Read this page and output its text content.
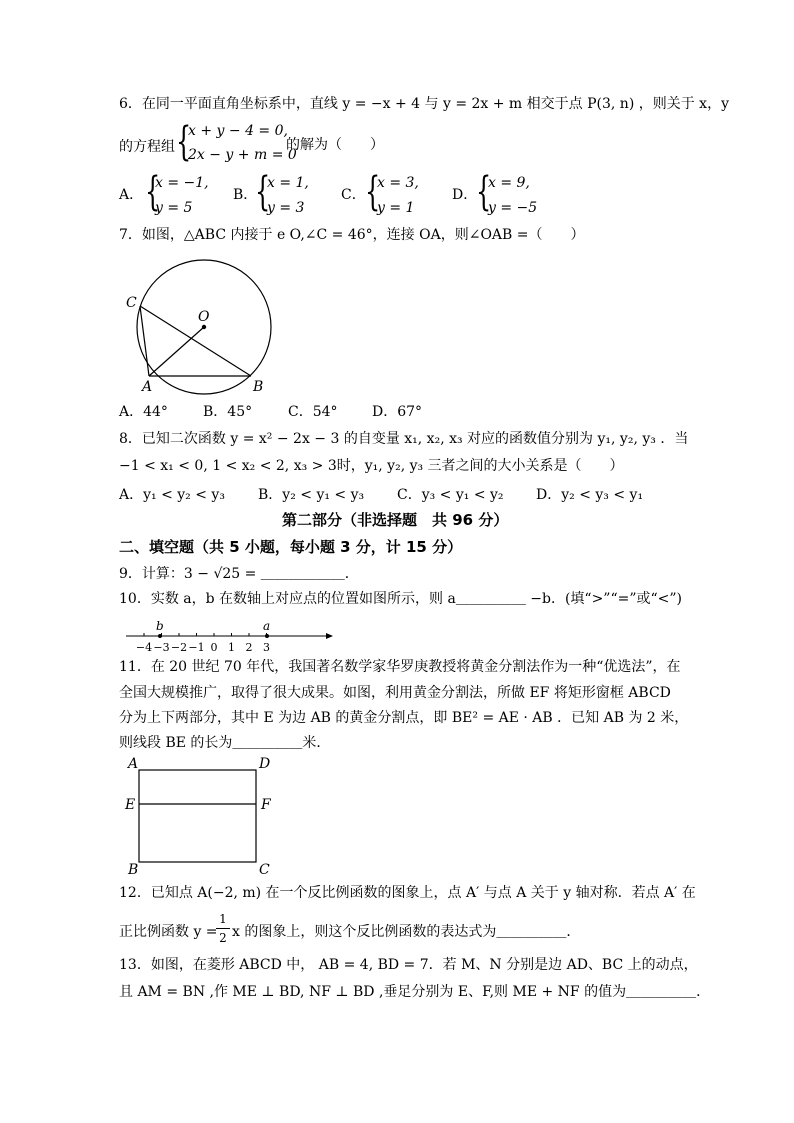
6．在同一平面直角坐标系中，直线 y = −x + 4 与 y = 2x + m 相交于点 P(3, n) ，则关于 x，y
的方程组 {
x + y − 4 = 0,
2x − y + m = 0
的解为（　　）
A． {
x = −1,
y = 5
B．
{
x = 1,
y = 3
C． {
x = 3,
y = 1
D．
{
x = 9,
y = −5
7．如图，△ABC 内接于 e O,∠C = 46°，连接 OA，则∠OAB =（　　）
C
O
A	B
A．44°	B．45°	C．54° D．67°
8．已知二次函数 y = x² − 2x − 3 的自变量 x₁, x₂, x₃ 对应的函数值分别为 y₁, y₂, y₃ ．当
−1 < x₁ < 0, 1 < x₂ < 2, x₃ > 3时，y₁, y₂, y₃ 三者之间的大小关系是（　　）
A．y₁ < y₂ < y₃ B．y₂ < y₁ < y₃ C．y₃ < y₁ < y₂ D．y₂ < y₃ < y₁
第二部分（非选择题　共 96 分）
二、填空题（共 5 小题，每小题 3 分，计 15 分）
9．计算：3 − √25 = ＿＿＿＿＿＿．
10．实数 a，b 在数轴上对应点的位置如图所示，则 a＿＿＿＿＿ −b．(填“>”“=”或“<”)
−4 −3 −2 −1 0 1 2 3
b	a
11．在 20 世纪 70 年代，我国著名数学家华罗庚教授将黄金分割法作为一种“优选法”，在
全国大规模推广，取得了很大成果。如图，利用黄金分割法，所做 EF 将矩形窗框 ABCD
分为上下两部分，其中 E 为边 AB 的黄金分割点，即 BE² = AE · AB ．已知 AB 为 2 米，
则线段 BE 的长为＿＿＿＿＿米．
A	D
E	F
B	C
12．已知点 A(−2, m) 在一个反比例函数的图象上，点 A′ 与点 A 关于 y 轴对称．若点 A′ 在
正比例函数 y =
1
2 x 的图象上，则这个反比例函数的表达式为＿＿＿＿＿．
13．如图，在菱形 ABCD 中， AB = 4, BD = 7．若 M、N 分别是边 AD、BC 上的动点，
且 AM = BN ,作 ME ⊥ BD, NF ⊥ BD ,垂足分别为 E、F,则 ME + NF 的值为＿＿＿＿＿．
